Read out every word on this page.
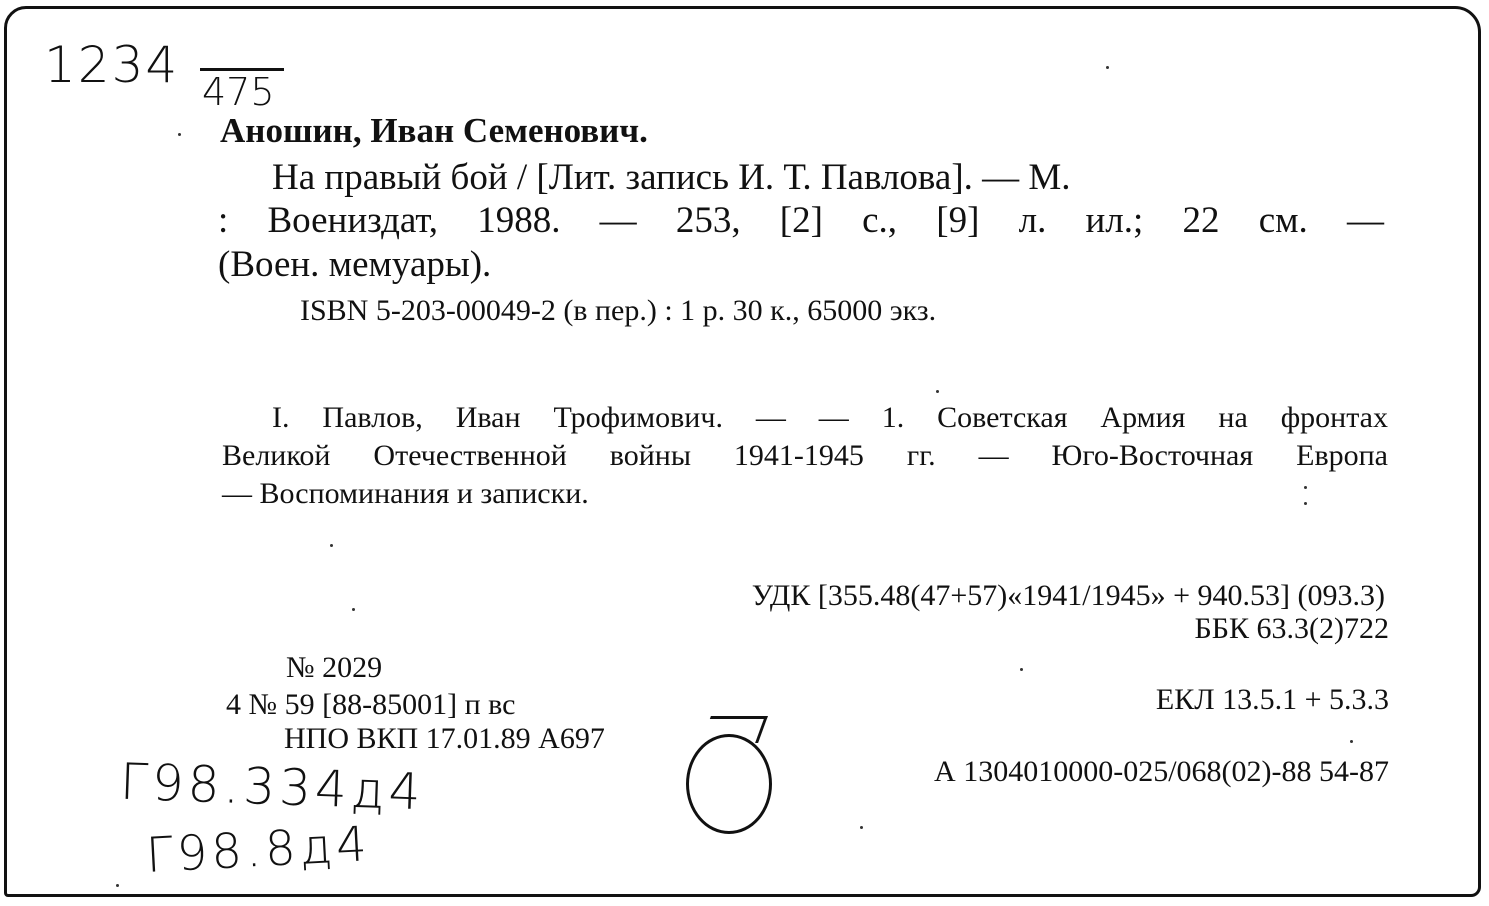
1234 475
Аношин, Иван Семенович.
На правый бой / [Лит. запись И. Т. Павлова]. — М.
: Воениздат, 1988. — 253, [2] с., [9] л. ил.; 22 см. —
(Воен. мемуары).
ISBN 5-203-00049-2 (в пер.) : 1 р. 30 к., 65000 экз.
I. Павлов, Иван Трофимович. — — 1. Советская Армия на фронтах
Великой Отечественной войны 1941-1945 гг. — Юго-Восточная Европа
— Воспоминания и записки.
УДК [355.48(47+57)«1941/1945» + 940.53] (093.3)
ББК 63.3(2)722
№ 2029
4 № 59 [88-85001] п вс
НПО ВКП 17.01.89 А697
ЕКЛ 13.5.1 + 5.3.3
А 1304010000-025/068(02)-88 54-87
Г98.334д4
Г98.8д4
